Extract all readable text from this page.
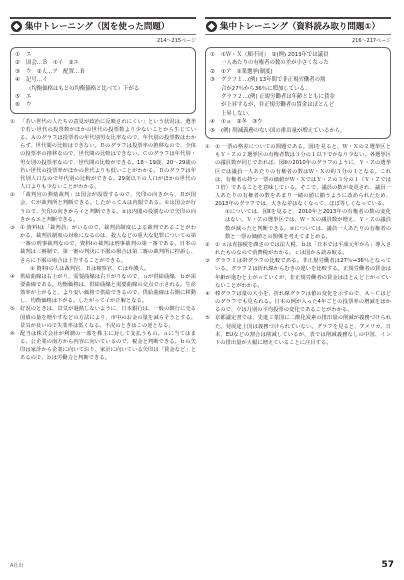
集中トレーニング（図を使った問題）
214〜215ページ
①	エ
②	国会…Ｂ　①イ　②エ
③	ウ　②人…ア　配置…Ｂ
④	記号…イ
（均衡価格はもとの均衡価格と比べて）下がる
⑤	エ
⑥	ウ
① 「若い世代の人たちの意見が政治に反映されにくい」という状況は、選挙で若い世代の投票数がほかの世代の投票数より少ないことから生じている。Ａのグラフは投票者の年代別男女比率なので、年代別の投票数はわからず、世代間の比較はできない。Ｂのグラフは投票率の推移なので、全体の投票率の推移なので、世代間の比較はできない。Ｃのグラフは年代別・男女別の投票率なので、世代間の比較ができる。18〜19歳、20〜29歳の若い世代の投票率がほかの世代よりも低いことがわかる。Ｄのグラフは年代別人口なので年代別の比較ができる。29歳以下の人口がほかの世代の人口よりも少ないことがわかる。
② 「裁判官の弾劾裁判」は国会が設置するので、矢印の向きから、Ｂが国会、Ｃが裁判所と判断できる。したがってＡは内閣である。①は国会が行うので、矢印の向きからイと判断できる。②は内閣の役割なので矢印の向きからエと判断できる。
③ ① 資料Ⅰは「裁判員」がいるので、裁判員制度による裁判であることがわかる。裁判員制度の対象になるのは、殺人などの重大な犯罪についての第一審の刑事裁判なので、資料Ⅰの裁判は刑事裁判の第一審である。日本の裁判は三審制で、第一審の判決に不服の場合は第二審の裁判所に控訴し、さらに不服の場合は上告することができる。
② 資料Ⅰの人は裁判官、Ｂは検察官、Ｃは弁護人。
④ 供給曲線は右上がり、需要曲線は右下がりなので、ａが供給曲線、ｂが需要曲線である。均衡価格は、供給曲線と需要曲線の交点で示される。生産効率が上がると、より安い価格で供給できるので、供給曲線は右側に移動し、均衡価格は下がる。したがってイが正解となる。
⑤ 好況のときは、景気が過熱しないように、日本銀行は、一般の銀行に売る国債の量を増やすなどの方法により、市中のお金の量を減らそうとする。景気が良いので失業率は低くなる。不況のときはこの逆となる。
⑥ 配当は株式会社が利潤の一部を株主に対して支払うもの。ａに当てはまる。公企業の南方から内容に向いているので、税金と判断できる。ｂの矢印は家計から企業に向いており、家計に向いている矢印は「賃金など」とあるので、ｂは労働力と判断できる。
集中トレーニング（資料読み取り問題①）
216〜217ページ
①	①Ｗ・Ｘ（順不同）　②(例) 2013年では議員
一人あたりの有権者の数の差が小さくなった
②	①ア　②業選挙(制度)
③	グラフ１…(例) 13年間で非正規労働者の割
合が27％から36％に増加している。
グラフ２…(例) 正規労働者は年齢とともに賃金
が上昇するが、非正規労働者の賃金はほとんど
上昇しない。
④	①ａ　②冬　③ウ
⑤	(例) 削減義務のない国の排出量が増えているから。
① ① 一票の格差についての問題である。図Ⅰを見ると、Ｗ・Ｘの２選挙区ともＹ・Ｚの２選挙区の有権者数は３分の１以下でかなり少ない。各選挙区の議員数が同じであれば、図Ⅱの2010年のグラフのように、Ｙ・Ｚの選挙区では議員一人あたりの有権者の数はＷ・Ｘの約３分の１となる。これは、有権者の持つ一票の価値がＷ・ＸではＹ・Ｚの３分の１（Ｙ・Ｚでは３倍）であることを意味している。そこで、議員の数が変更され、議員一人あたりの有権者の数をあまり一緒の値に揃うように改められたため、2013年のグラフでは、大きな差はなくなって、ほぼ等しくなっている。
②については、図Ⅱを見ると、2010年と2013年の有権者の数の変化はない。Ｙ・Ｚの選挙区では、Ｗ・Ｘの議員数が増え、Ｙ・Ｚの議員数が減ったと判断できる。②については、議員一人あたりの有権者の数と一票の価値との関係を考えてまとめる。
② ① ａは直接税を課さのでは法人税、ｂは「日本では平成元年から」導入されたものなので消費税がわかる。ｃは国から読み取る。
③ グラフ１は帯グラフの比較である。非正規労働者は27％→36％となっている。グラフ２は折れ線からむきの違いを比較する。正規労働者の賃金は年齢が進むと上がっていくが、非正規労働者の賃金はほとんど上がっていないことがわかる。
④ 棒グラフは量の大小を、折れ線グラフは値の変化を示すので、Ａ〜Ｃはどのグラフでも見られる。日本の例が入った4年ごとの投票率の増減をはかるので、ウは月別の平均投票の変化であることがわかる。
⑤ 京都議定書では、先進工業国に二酸化炭素の排出量の削減が義務づけられた。発展途上国は義務づけられていない。グラフを見ると、アメリカ、日本、EUなどの割合は削減しているが、表では削減義務なしの中国、インドの排出量が大幅に増えていることに注目する。
A社出	57
